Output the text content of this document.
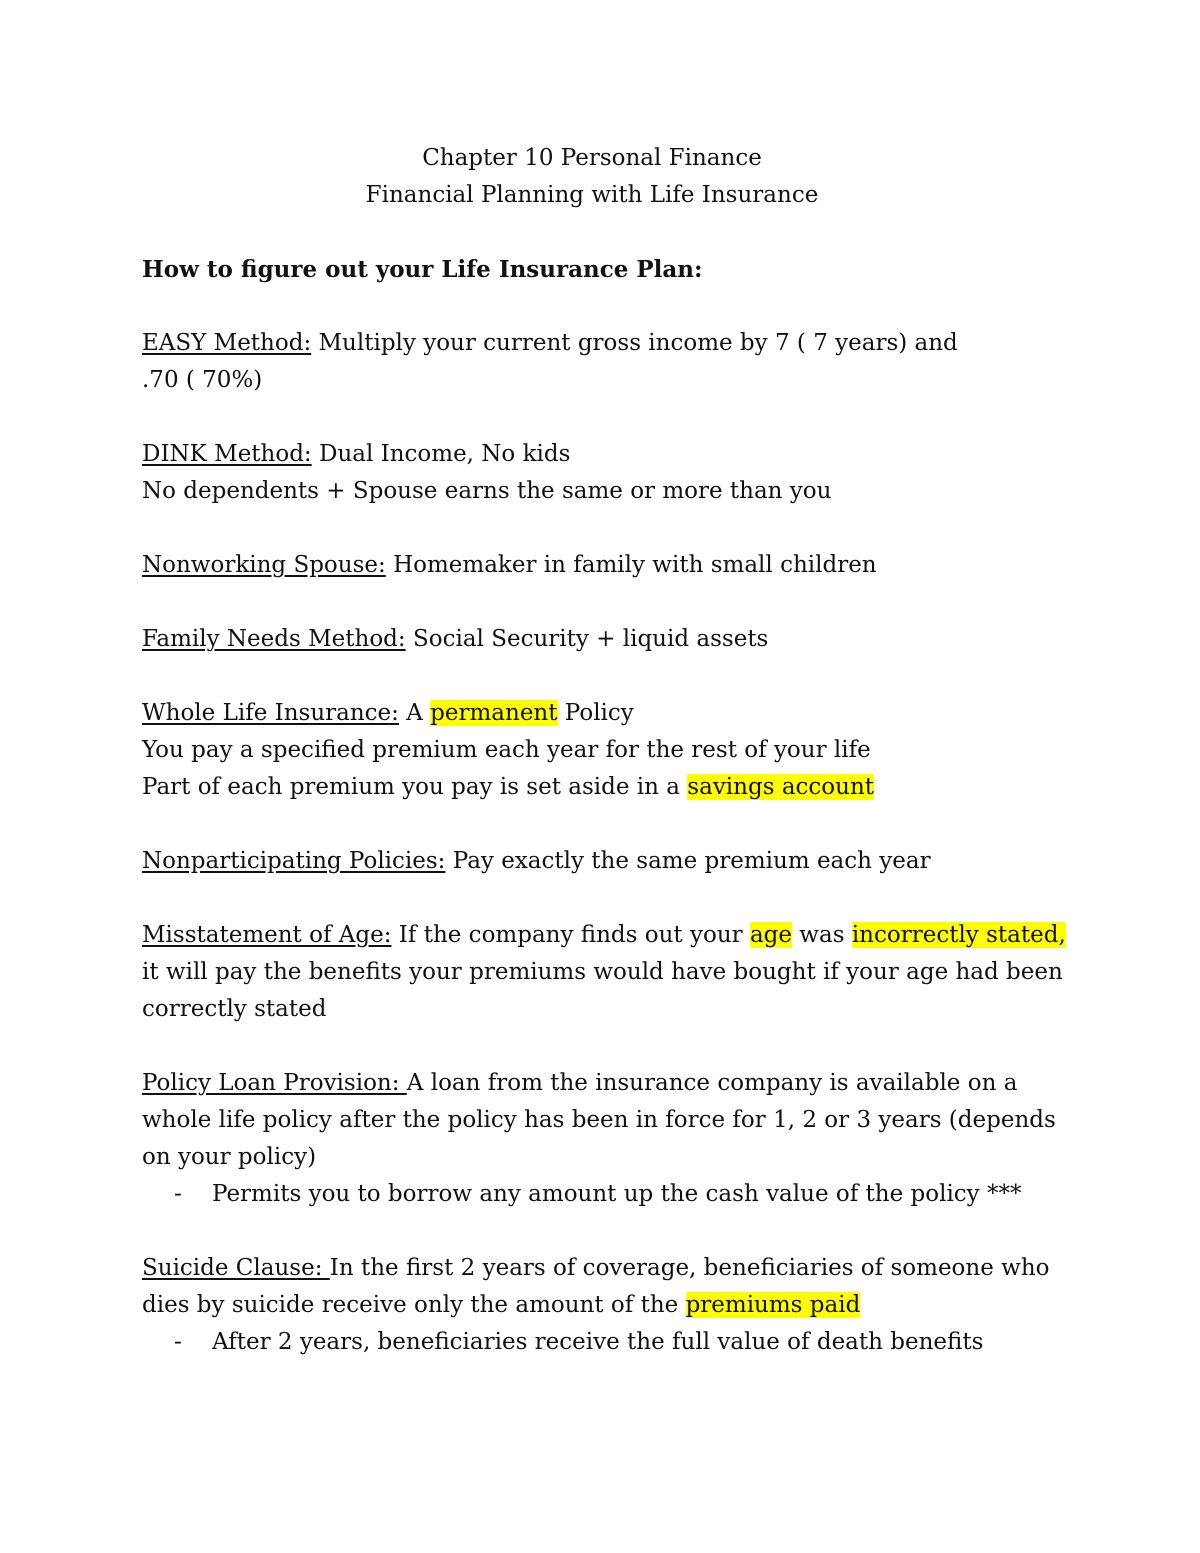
Chapter 10 Personal Finance
Financial Planning with Life Insurance
How to figure out your Life Insurance Plan:
EASY Method: Multiply your current gross income by 7 ( 7 years) and
.70 ( 70%)
DINK Method: Dual Income, No kids
No dependents + Spouse earns the same or more than you
Nonworking Spouse: Homemaker in family with small children
Family Needs Method: Social Security + liquid assets
Whole Life Insurance: A permanent Policy
You pay a specified premium each year for the rest of your life
Part of each premium you pay is set aside in a savings account
Nonparticipating Policies: Pay exactly the same premium each year
Misstatement of Age: If the company finds out your age was incorrectly stated,
it will pay the benefits your premiums would have bought if your age had been
correctly stated
Policy Loan Provision: A loan from the insurance company is available on a
whole life policy after the policy has been in force for 1, 2 or 3 years (depends
on your policy)
- Permits you to borrow any amount up the cash value of the policy ***
Suicide Clause: In the first 2 years of coverage, beneficiaries of someone who
dies by suicide receive only the amount of the premiums paid
- After 2 years, beneficiaries receive the full value of death benefits
